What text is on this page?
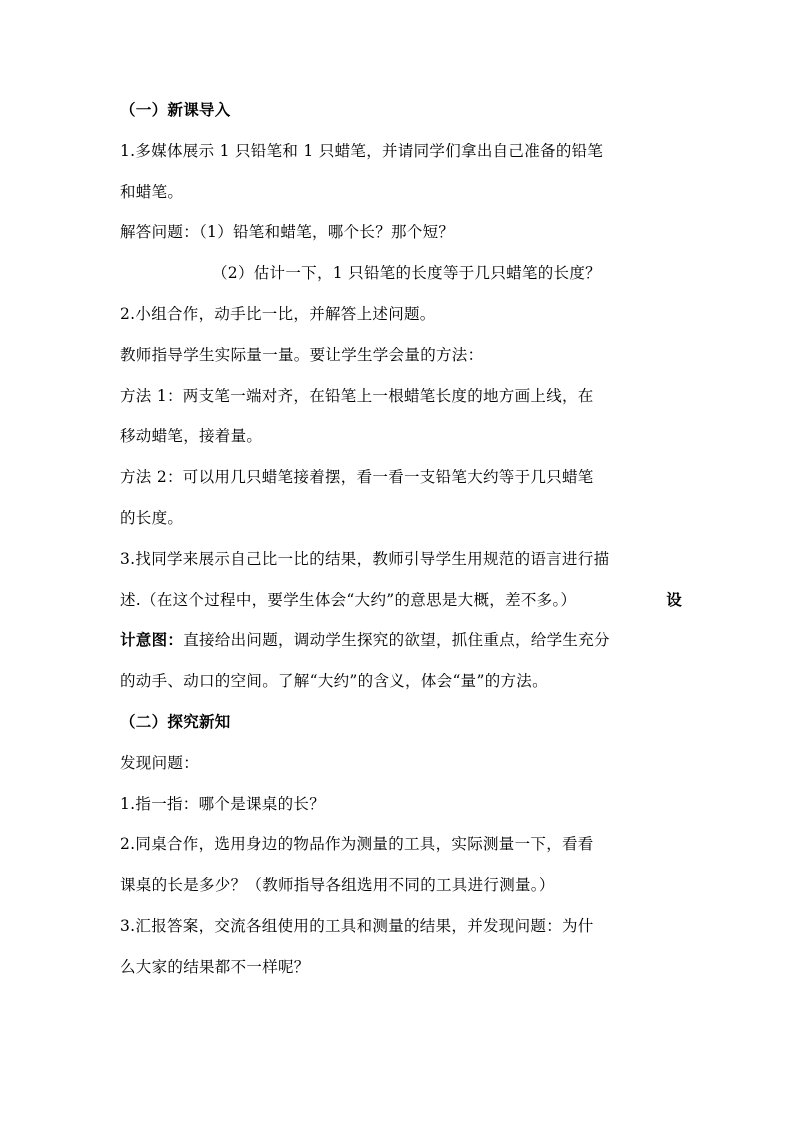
（一）新课导入
1.多媒体展示 1 只铅笔和 1 只蜡笔，并请同学们拿出自己准备的铅笔
和蜡笔。
解答问题：（1）铅笔和蜡笔，哪个长？那个短？
（2）估计一下，1 只铅笔的长度等于几只蜡笔的长度？
2.小组合作，动手比一比，并解答上述问题。
教师指导学生实际量一量。要让学生学会量的方法：
方法 1：两支笔一端对齐，在铅笔上一根蜡笔长度的地方画上线，在
移动蜡笔，接着量。
方法 2：可以用几只蜡笔接着摆，看一看一支铅笔大约等于几只蜡笔
的长度。
3.找同学来展示自己比一比的结果，教师引导学生用规范的语言进行描
述.（在这个过程中，要学生体会“大约”的意思是大概，差不多。）	设
计意图：直接给出问题，调动学生探究的欲望，抓住重点，给学生充分
的动手、动口的空间。了解“大约”的含义，体会“量”的方法。
（二）探究新知
发现问题：
1.指一指：哪个是课桌的长？
2.同桌合作，选用身边的物品作为测量的工具，实际测量一下，看看
课桌的长是多少？（教师指导各组选用不同的工具进行测量。）
3.汇报答案，交流各组使用的工具和测量的结果，并发现问题：为什
么大家的结果都不一样呢？
